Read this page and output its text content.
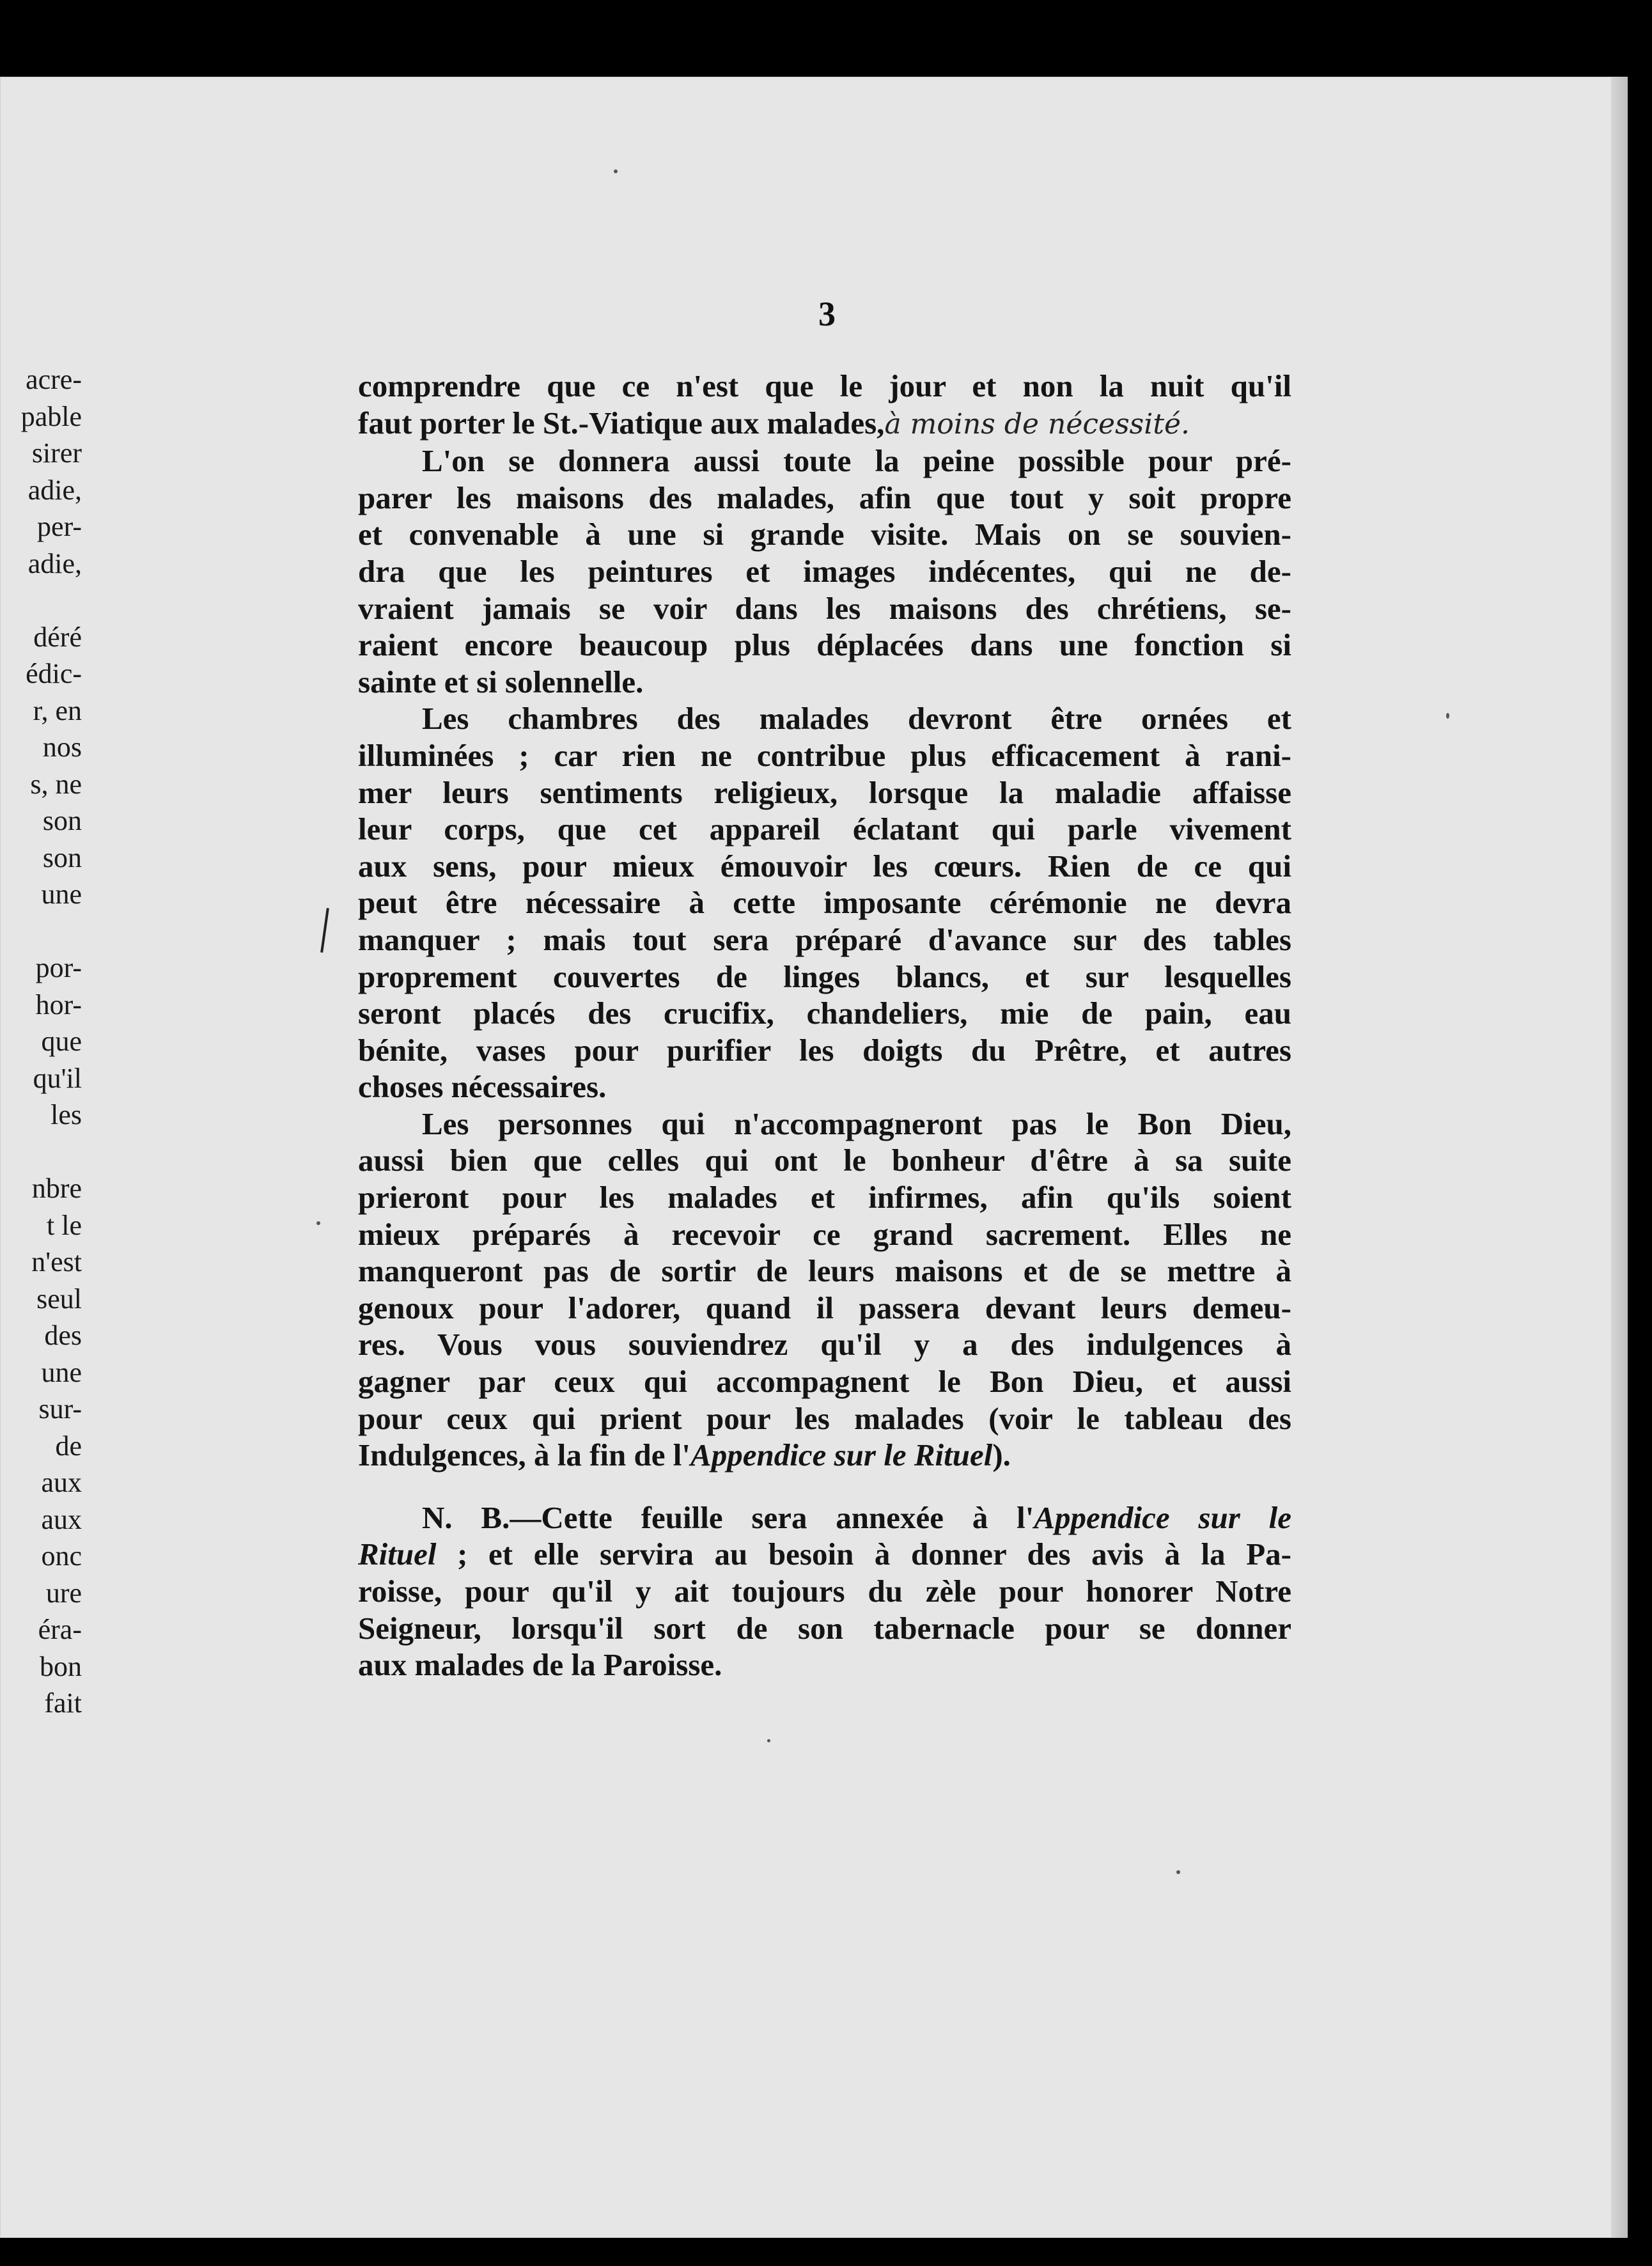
acre-
pable
sirer
adie,
per-
adie,

déré
édic-
r, en
nos
s, ne
son
son
une

por-
hor-
que
qu'il
les

nbre
t le
n'est
seul
des
une
sur-
de
aux
aux
onc
ure
éra-
bon
fait
3
comprendre que ce n'est que le jour et non la nuit qu'il
faut porter le St.-Viatique aux malades,à moins de nécessité.
L'on se donnera aussi toute la peine possible pour pré-
parer les maisons des malades, afin que tout y soit propre
et convenable à une si grande visite. Mais on se souvien-
dra que les peintures et images indécentes, qui ne de-
vraient jamais se voir dans les maisons des chrétiens, se-
raient encore beaucoup plus déplacées dans une fonction si
sainte et si solennelle.
Les chambres des malades devront être ornées et
illuminées ; car rien ne contribue plus efficacement à rani-
mer leurs sentiments religieux, lorsque la maladie affaisse
leur corps, que cet appareil éclatant qui parle vivement
aux sens, pour mieux émouvoir les cœurs. Rien de ce qui
peut être nécessaire à cette imposante cérémonie ne devra
manquer ; mais tout sera préparé d'avance sur des tables
proprement couvertes de linges blancs, et sur lesquelles
seront placés des crucifix, chandeliers, mie de pain, eau
bénite, vases pour purifier les doigts du Prêtre, et autres
choses nécessaires.
Les personnes qui n'accompagneront pas le Bon Dieu,
aussi bien que celles qui ont le bonheur d'être à sa suite
prieront pour les malades et infirmes, afin qu'ils soient
mieux préparés à recevoir ce grand sacrement. Elles ne
manqueront pas de sortir de leurs maisons et de se mettre à
genoux pour l'adorer, quand il passera devant leurs demeu-
res. Vous vous souviendrez qu'il y a des indulgences à
gagner par ceux qui accompagnent le Bon Dieu, et aussi
pour ceux qui prient pour les malades (voir le tableau des
Indulgences, à la fin de l'Appendice sur le Rituel).
N. B.—Cette feuille sera annexée à l'Appendice sur le
Rituel ; et elle servira au besoin à donner des avis à la Pa-
roisse, pour qu'il y ait toujours du zèle pour honorer Notre
Seigneur, lorsqu'il sort de son tabernacle pour se donner
aux malades de la Paroisse.
